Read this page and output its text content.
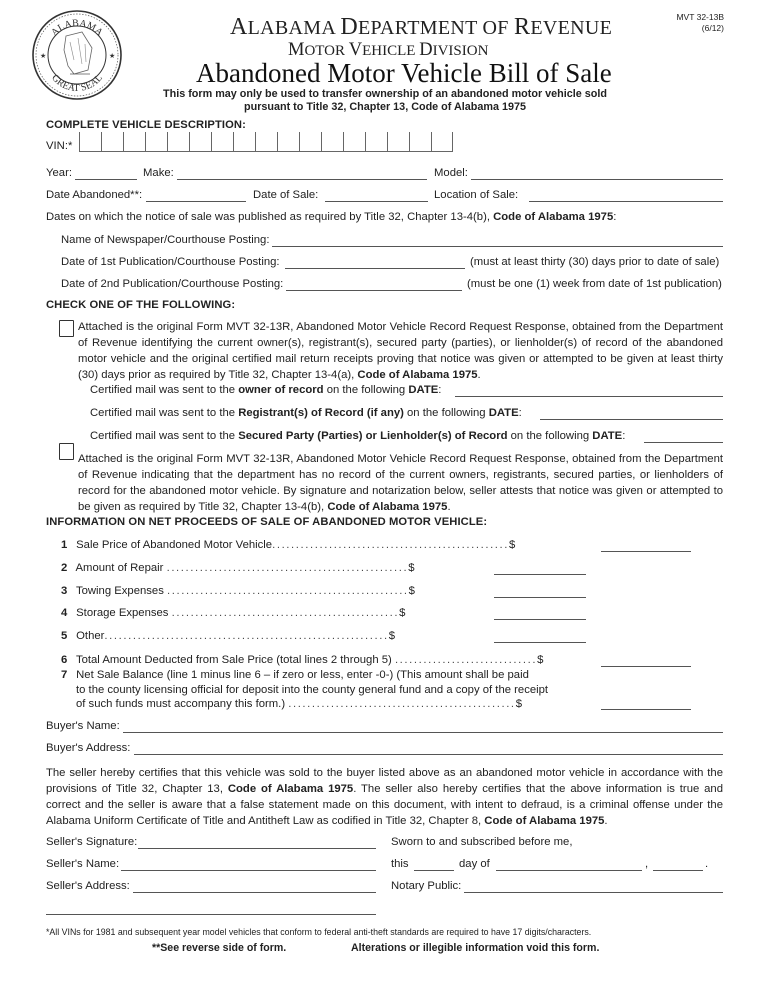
ALABAMA
GREAT SEAL
★	★
ALABAMA DEPARTMENT OF REVENUE
MOTOR VEHICLE DIVISION
Abandoned Motor Vehicle Bill of Sale
MVT 32-13B
(6/12)
This form may only be used to transfer ownership of an abandoned motor vehicle sold
pursuant to Title 32, Chapter 13, Code of Alabama 1975
COMPLETE VEHICLE DESCRIPTION:
VIN:*
Year:	Make:	Model:
Date Abandoned**:	Date of Sale:	Location of Sale:
Dates on which the notice of sale was published as required by Title 32, Chapter 13-4(b), Code of Alabama 1975:
Name of Newspaper/Courthouse Posting:
Date of 1st Publication/Courthouse Posting:	(must at least thirty (30) days prior to date of sale)
Date of 2nd Publication/Courthouse Posting:	(must be one (1) week from date of 1st publication)
CHECK ONE OF THE FOLLOWING:
Attached is the original Form MVT 32-13R, Abandoned Motor Vehicle Record Request Response, obtained from the Department of Revenue identifying the current owner(s), registrant(s), secured party (parties), or lienholder(s) of record of the abandoned motor vehicle and the original certified mail return receipts proving that notice was given or attempted to be given at least thirty (30) days prior as required by Title 32, Chapter 13-4(a), Code of Alabama 1975.
Certified mail was sent to the owner of record on the following DATE:
Certified mail was sent to the Registrant(s) of Record (if any) on the following DATE:
Certified mail was sent to the Secured Party (Parties) or Lienholder(s) of Record on the following DATE:
Attached is the original Form MVT 32-13R, Abandoned Motor Vehicle Record Request Response, obtained from the Department of Revenue indicating that the department has no record of the current owners, registrants, secured parties, or lienholders of record for the abandoned motor vehicle. By signature and notarization below, seller attests that notice was given or attempted to be given as required by Title 32, Chapter 13-4(b), Code of Alabama 1975.
INFORMATION ON NET PROCEEDS OF SALE OF ABANDONED MOTOR VEHICLE:
1 Sale Price of Abandoned Motor Vehicle..................................................$
2 Amount of Repair ...................................................$
3 Towing Expenses ...................................................$
4 Storage Expenses ................................................$
5 Other............................................................$
6 Total Amount Deducted from Sale Price (total lines 2 through 5) ..............................$
7 Net Sale Balance (line 1 minus line 6 – if zero or less, enter -0-) (This amount shall be paid
to the county licensing official for deposit into the county general fund and a copy of the receipt
of such funds must accompany this form.) ................................................$
Buyer's Name:
Buyer's Address:
The seller hereby certifies that this vehicle was sold to the buyer listed above as an abandoned motor vehicle in accordance with the provisions of Title 32, Chapter 13, Code of Alabama 1975. The seller also hereby certifies that the above information is true and correct and the seller is aware that a false statement made on this document, with intent to defraud, is a criminal offense under the Alabama Uniform Certificate of Title and Antitheft Law as codified in Title 32, Chapter 8, Code of Alabama 1975.
Seller's Signature:	Sworn to and subscribed before me,
Seller's Name:	this	day of	,	.
Seller's Address:	Notary Public:
*All VINs for 1981 and subsequent year model vehicles that conform to federal anti-theft standards are required to have 17 digits/characters.
**See reverse side of form.	Alterations or illegible information void this form.
